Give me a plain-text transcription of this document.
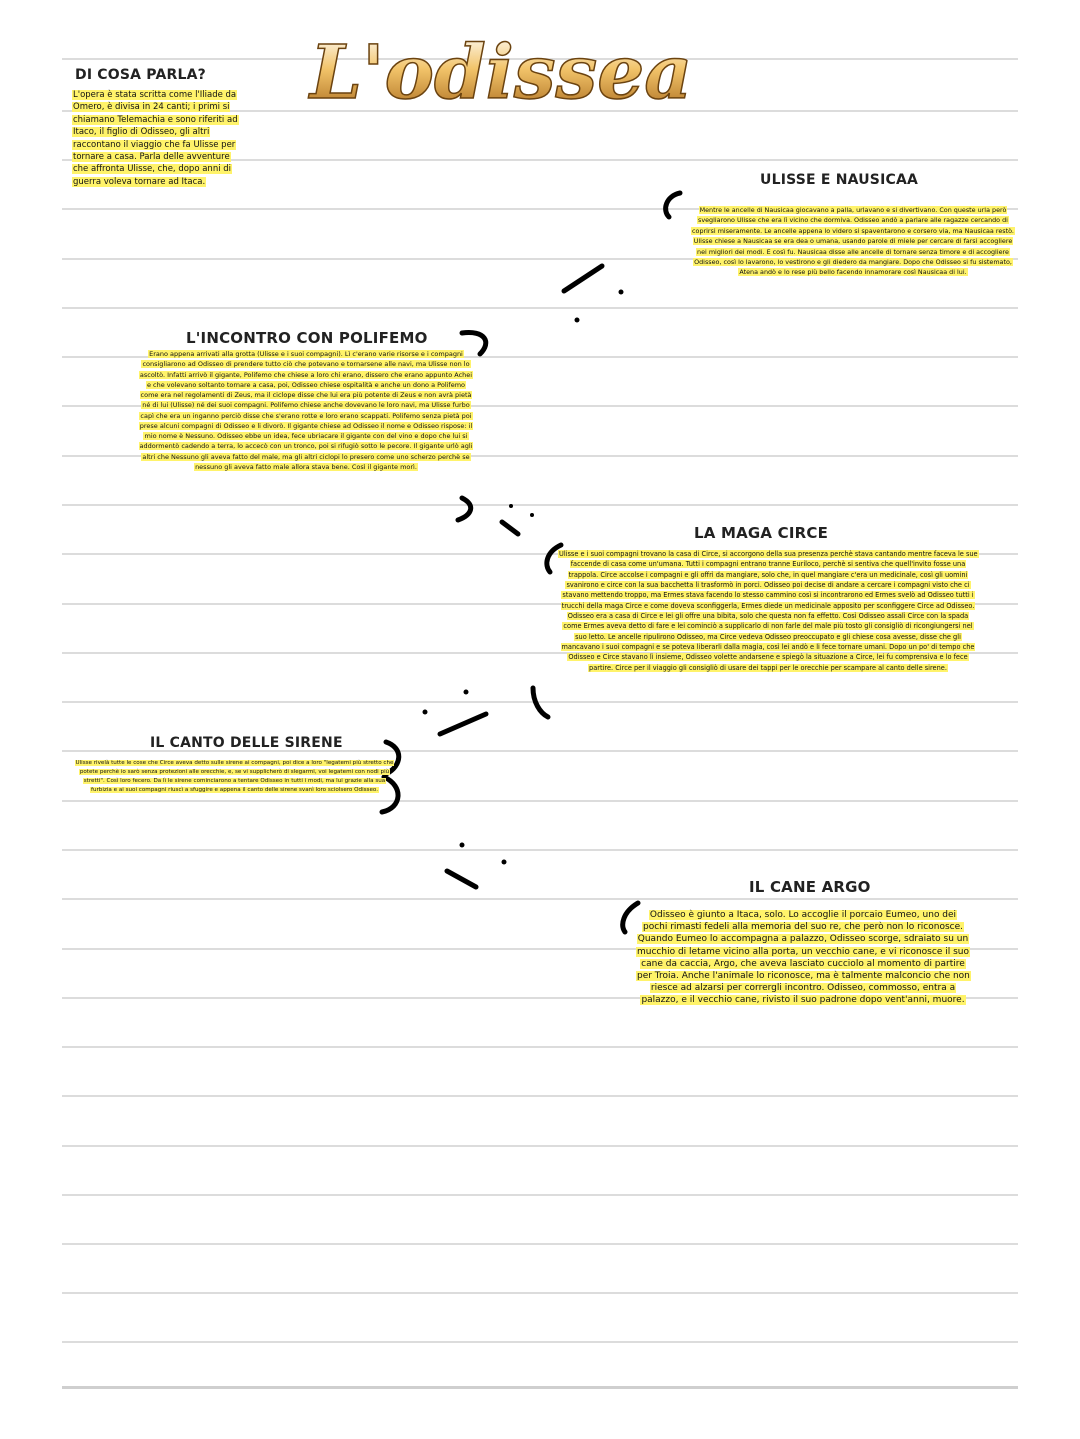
L'odissea
DI COSA PARLA?
L'opera è stata scritta come l'Iliade da Omero, è divisa in 24 canti; i primi si chiamano Telemachia e sono riferiti ad Itaco, il figlio di Odisseo, gli altri raccontano il viaggio che fa Ulisse per tornare a casa. Parla delle avventure che affronta Ulisse, che, dopo anni di guerra voleva tornare ad Itaca.	ULISSE E NAUSICAA
Mentre le ancelle di Nausicaa giocavano a palla, urlavano e si divertivano. Con queste urla però svegliarono Ulisse che era lì vicino che dormiva. Odisseo andò a parlare alle ragazze cercando di coprirsi miseramente. Le ancelle appena lo videro si spaventarono e corsero via, ma Nausicaa restò. Ulisse chiese a Nausicaa se era dea o umana, usando parole di miele per cercare di farsi accogliere nei migliori dei modi. E così fu. Nausicaa disse alle ancelle di tornare senza timore e di accogliere Odisseo, così lo lavarono, lo vestirono e gli diedero da mangiare. Dopo che Odisseo si fu sistemato, Atena andò e lo rese più bello facendo innamorare così Nausicaa di lui.
L'INCONTRO CON POLIFEMO
Erano appena arrivati alla grotta (Ulisse e i suoi compagni). Lì c'erano varie risorse e i compagni consigliarono ad Odisseo di prendere tutto ciò che potevano e tornarsene alle navi, ma Ulisse non lo ascoltò. Infatti arrivò il gigante, Polifemo che chiese a loro chi erano, dissero che erano appunto Achei e che volevano soltanto tornare a casa, poi, Odisseo chiese ospitalità e anche un dono a Polifemo come era nel regolamenti di Zeus, ma il ciclope disse che lui era più potente di Zeus e non avrà pietà né di lui (Ulisse) né dei suoi compagni. Polifemo chiese anche dovevano le loro navi, ma Ulisse furbo capì che era un inganno perciò disse che s'erano rotte e loro erano scappati. Polifemo senza pietà poi prese alcuni compagni di Odisseo e li divorò. Il gigante chiese ad Odisseo il nome e Odisseo rispose: il mio nome è Nessuno. Odisseo ebbe un idea, fece ubriacare il gigante con del vino e dopo che lui si addormentò cadendo a terra, lo accecò con un tronco, poi si rifugiò sotto le pecore. Il gigante urlò agli altri che Nessuno gli aveva fatto del male, ma gli altri ciclopi lo presero come uno scherzo perchè se nessuno gli aveva fatto male allora stava bene. Così il gigante morì.
LA MAGA CIRCE
Ulisse e i suoi compagni trovano la casa di Circe, si accorgono della sua presenza perchè stava cantando mentre faceva le sue faccende di casa come un'umana. Tutti i compagni entrano tranne Euriloco, perchè si sentiva che quell'invito fosse una trappola. Circe accolse i compagni e gli offrì da mangiare, solo che, in quel mangiare c'era un medicinale, così gli uomini svanirono e circe con la sua bacchetta li trasformò in porci. Odisseo poi decise di andare a cercare i compagni visto che ci stavano mettendo troppo, ma Ermes stava facendo lo stesso cammino così si incontrarono ed Ermes svelò ad Odisseo tutti i trucchi della maga Circe e come doveva sconfiggerla, Ermes diede un medicinale apposito per sconfiggere Circe ad Odisseo. Odisseo era a casa di Circe e lei gli offre una bibita, solo che questa non fa effetto. Così Odisseo assalì Circe con la spada come Ermes aveva detto di fare e lei cominciò a supplicarlo di non farle del male più tosto gli consigliò di ricongiungersi nel suo letto. Le ancelle ripulirono Odisseo, ma Circe vedeva Odisseo preoccupato e gli chiese cosa avesse, disse che gli mancavano i suoi compagni e se poteva liberarli dalla magia, così lei andò e li fece tornare umani. Dopo un po' di tempo che Odisseo e Circe stavano lì insieme, Odisseo volette andarsene e spiegò la situazione a Circe, lei fu comprensiva e lo fece partire. Circe per il viaggio gli consigliò di usare dei tappi per le orecchie per scampare al canto delle sirene.
IL CANTO DELLE SIRENE
Ulisse rivelà tutte le cose che Circe aveva detto sulle sirene ai compagni, poi dice a loro "legatemi più stretto che potete perchè io sarò senza protezioni alle orecchie, e, se vi supplicherò di slegarmi, voi legatemi con nodi più stretti". Così loro fecero. Da lì le sirene cominciarono a tentare Odisseo in tutti i modi, ma lui grazie alla sua furbizia e ai suoi compagni riuscì a sfuggire e appena il canto delle sirene svanì loro sciolsero Odisseo.
IL CANE ARGO
Odisseo è giunto a Itaca, solo. Lo accoglie il porcaio Eumeo, uno dei pochi rimasti fedeli alla memoria del suo re, che però non lo riconosce. Quando Eumeo lo accompagna a palazzo, Odisseo scorge, sdraiato su un mucchio di letame vicino alla porta, un vecchio cane, e vi riconosce il suo cane da caccia, Argo, che aveva lasciato cucciolo al momento di partire per Troia. Anche l'animale lo riconosce, ma è talmente malconcio che non riesce ad alzarsi per corrergli incontro. Odisseo, commosso, entra a palazzo, e il vecchio cane, rivisto il suo padrone dopo vent'anni, muore.
